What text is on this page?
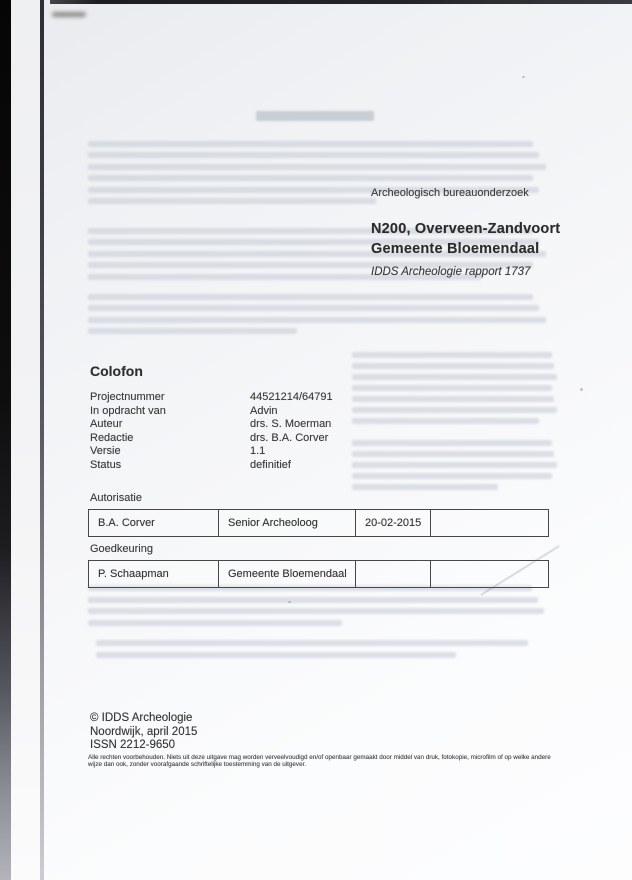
Archeologisch bureauonderzoek
N200, Overveen-Zandvoort
Gemeente Bloemendaal
IDDS Archeologie rapport 1737
Colofon
Projectnummer	44521214/64791
In opdracht van	Advin
Auteur	drs. S. Moerman
Redactie	drs. B.A. Corver
Versie	1.1
Status	definitief
Autorisatie
B.A. Corver	Senior Archeoloog	20-02-2015
Goedkeuring
P. Schaapman	Gemeente Bloemendaal
© IDDS Archeologie
Noordwijk, april 2015
ISSN 2212-9650
Alle rechten voorbehouden. Niets uit deze uitgave mag worden verveelvoudigd en/of openbaar gemaakt door middel van druk, fotokopie, microfilm of op welke andere wijze dan ook, zonder voorafgaande schriftelijke toestemming van de uitgever.
